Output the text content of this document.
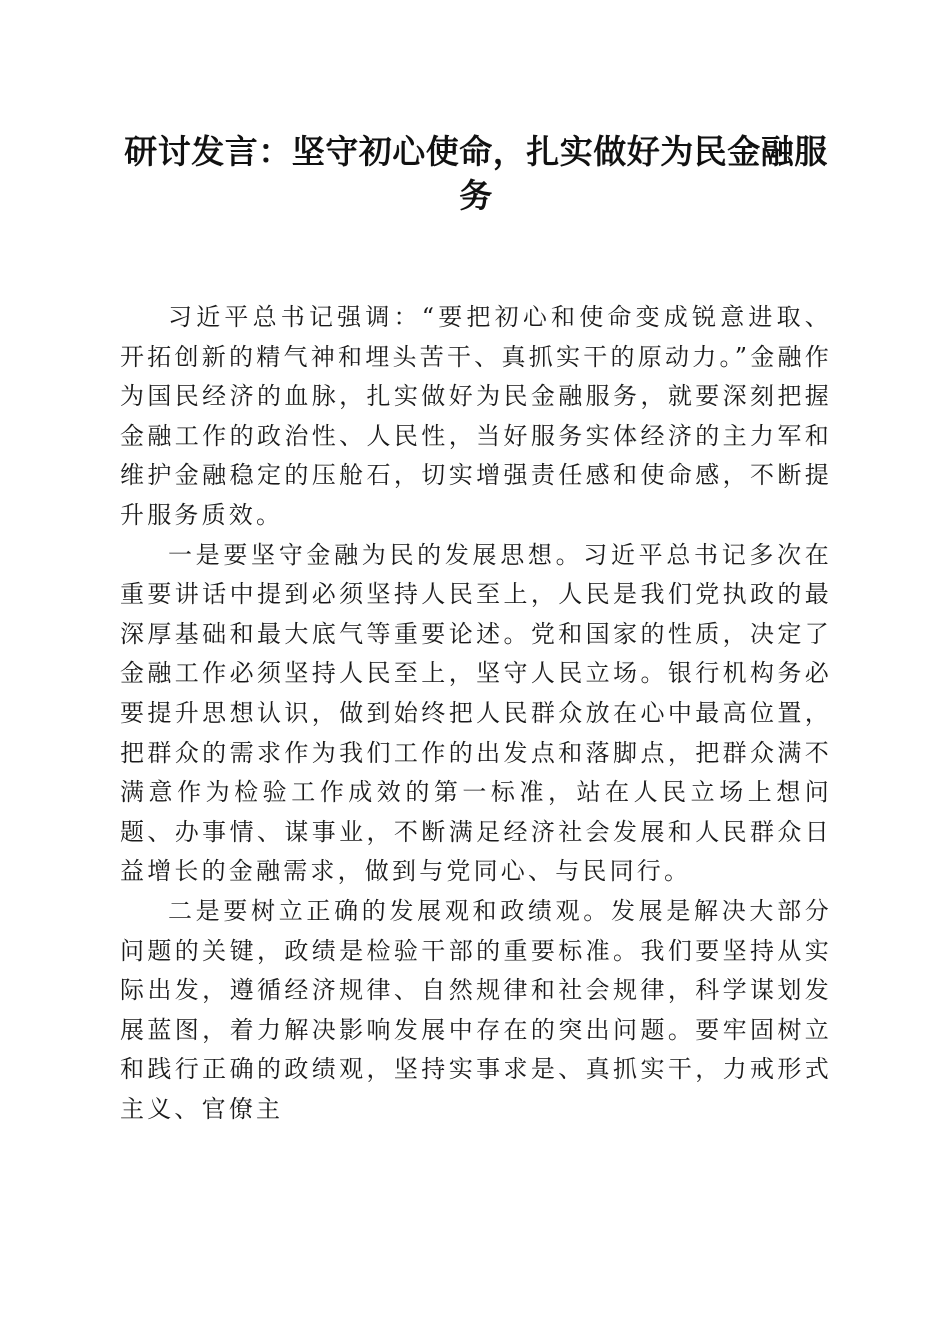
研讨发言：坚守初心使命，扎实做好为民金融服务

习近平总书记强调：“要把初心和使命变成锐意进取、开拓创新的精气神和埋头苦干、真抓实干的原动力。”金融作为国民经济的血脉，扎实做好为民金融服务，就要深刻把握金融工作的政治性、人民性，当好服务实体经济的主力军和维护金融稳定的压舱石，切实增强责任感和使命感，不断提升服务质效。

一是要坚守金融为民的发展思想。习近平总书记多次在重要讲话中提到必须坚持人民至上，人民是我们党执政的最深厚基础和最大底气等重要论述。党和国家的性质，决定了金融工作必须坚持人民至上，坚守人民立场。银行机构务必要提升思想认识，做到始终把人民群众放在心中最高位置，把群众的需求作为我们工作的出发点和落脚点，把群众满不满意作为检验工作成效的第一标准，站在人民立场上想问题、办事情、谋事业，不断满足经济社会发展和人民群众日益增长的金融需求，做到与党同心、与民同行。

二是要树立正确的发展观和政绩观。发展是解决大部分问题的关键，政绩是检验干部的重要标准。我们要坚持从实际出发，遵循经济规律、自然规律和社会规律，科学谋划发展蓝图，着力解决影响发展中存在的突出问题。要牢固树立和践行正确的政绩观，坚持实事求是、真抓实干，力戒形式主义、官僚主
